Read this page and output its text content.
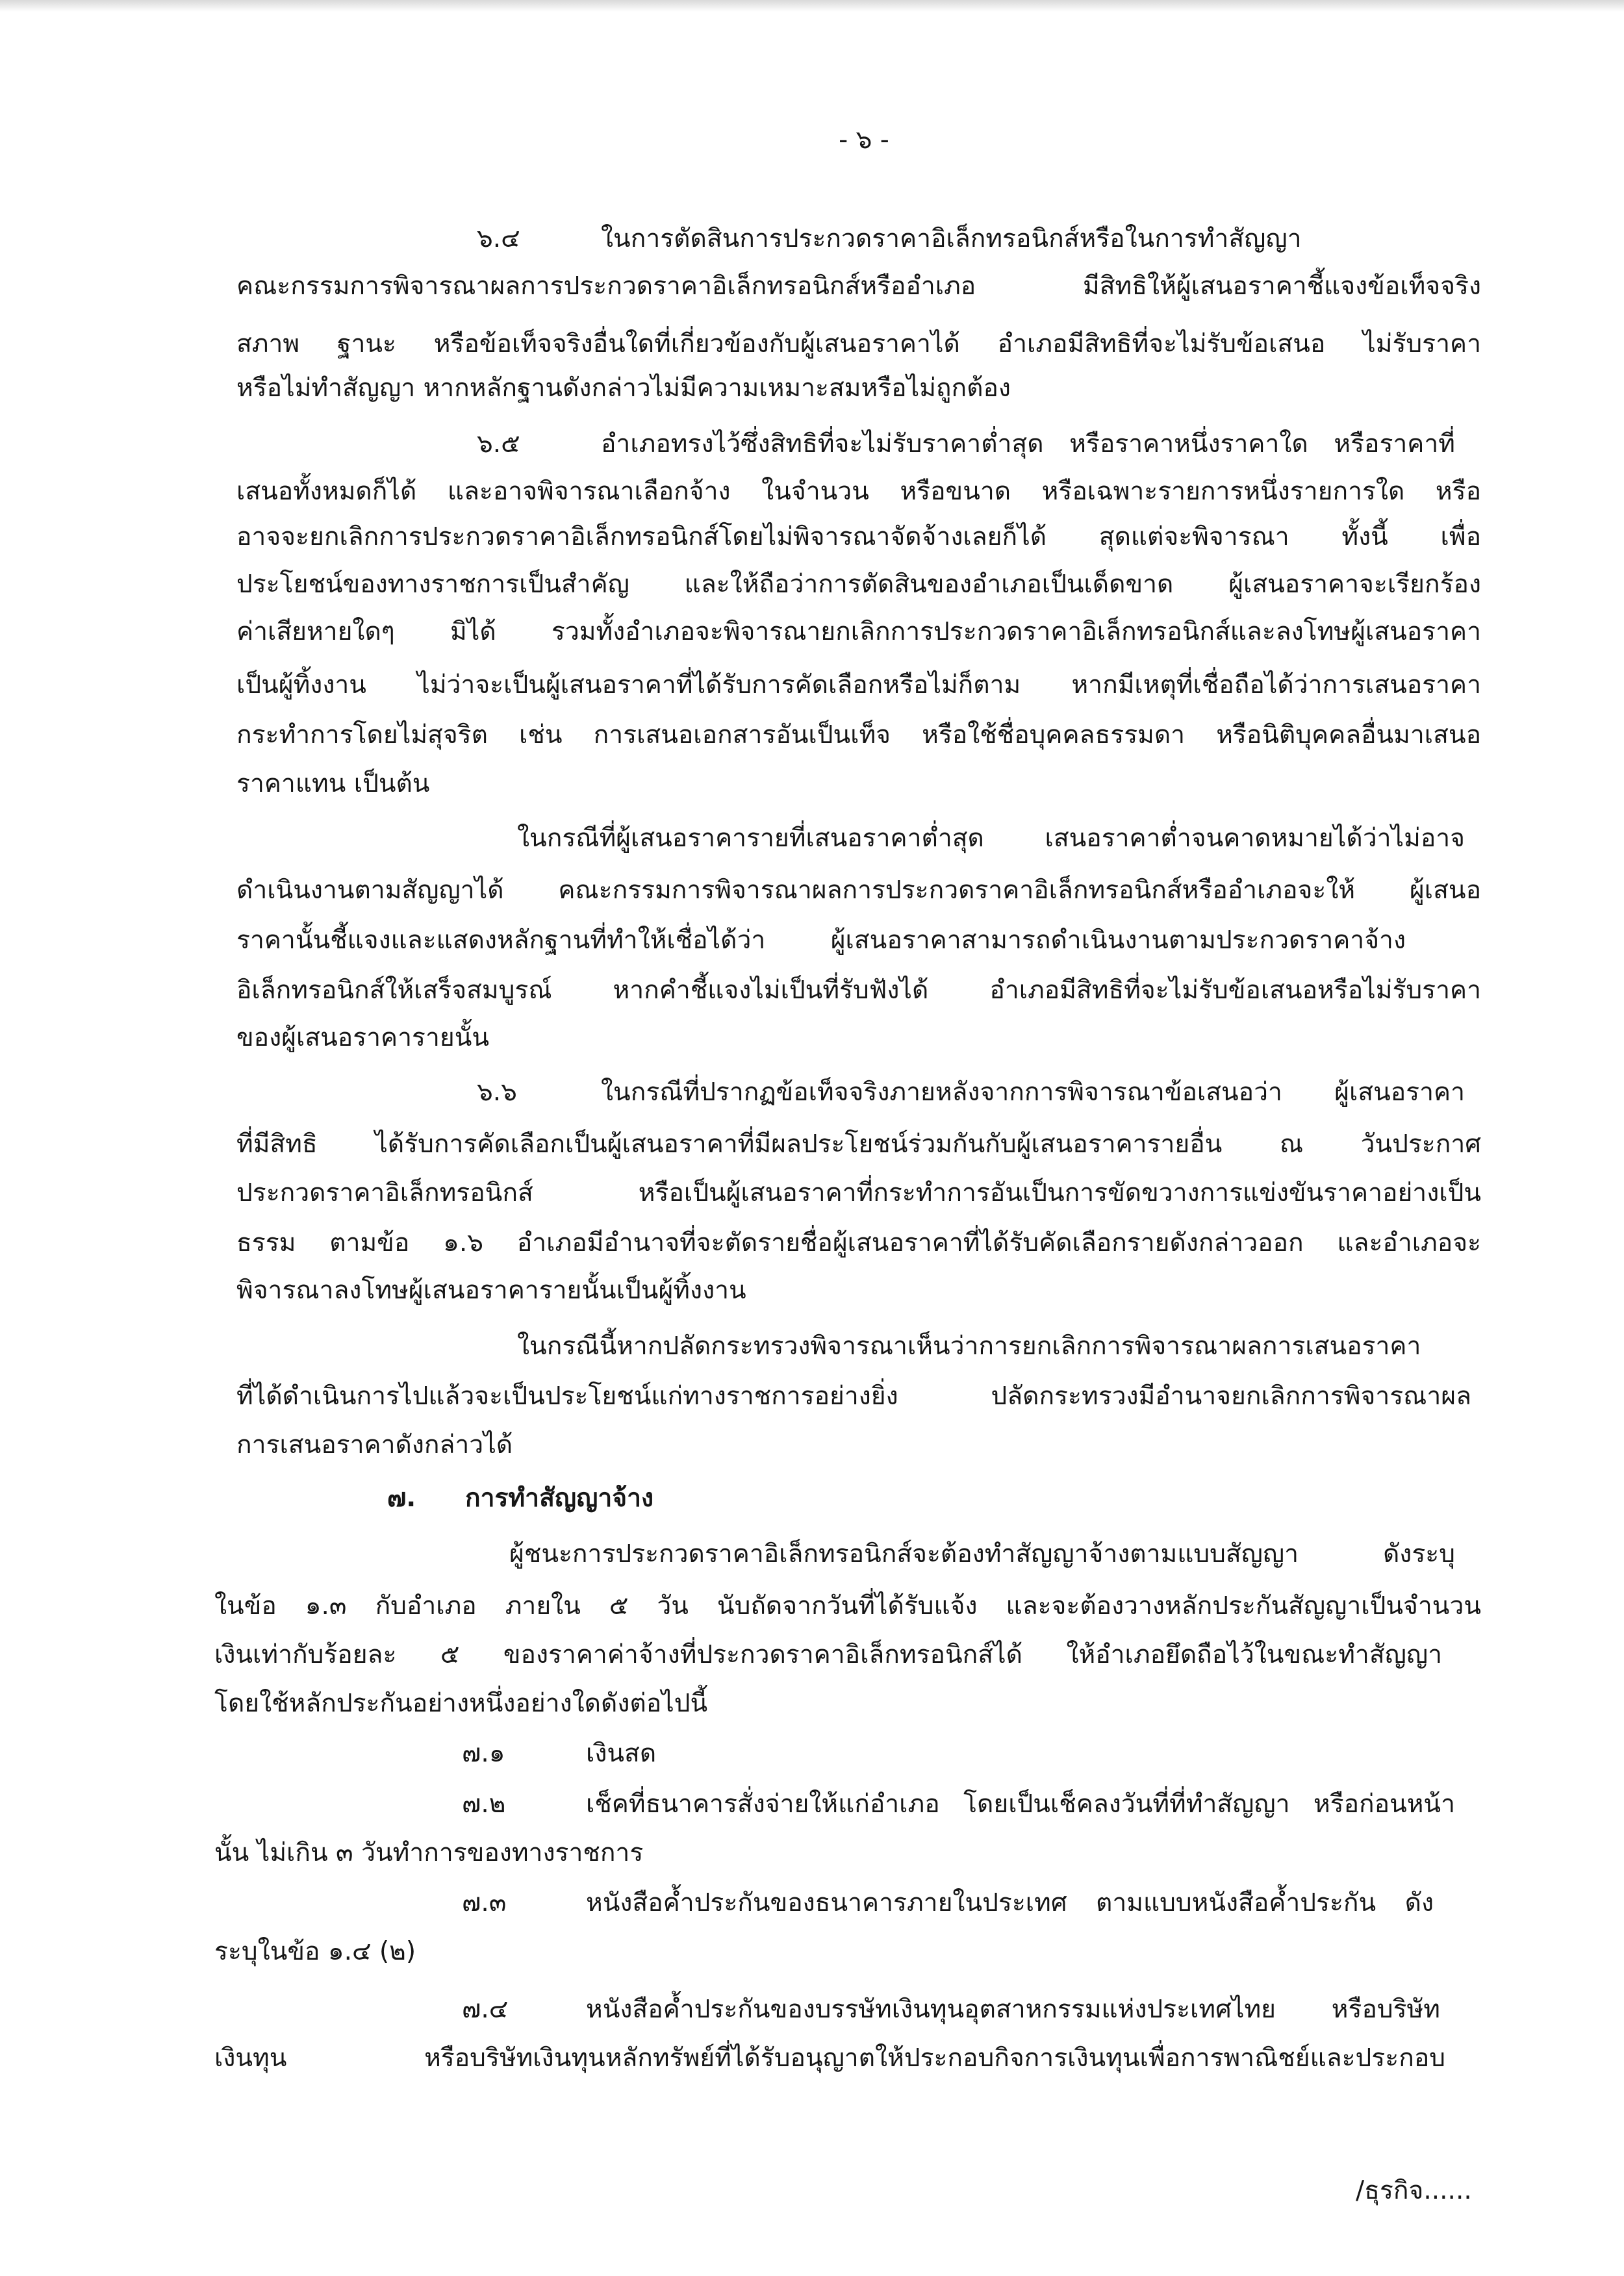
- ๖ -
๖.๔	ในการตัดสินการประกวดราคาอิเล็กทรอนิกส์หรือในการทำสัญญา
คณะกรรมการพิจารณาผลการประกวดราคาอิเล็กทรอนิกส์หรืออำเภอ มีสิทธิให้ผู้เสนอราคาชี้แจงข้อเท็จจริง
สภาพ ฐานะ หรือข้อเท็จจริงอื่นใดที่เกี่ยวข้องกับผู้เสนอราคาได้ อำเภอมีสิทธิที่จะไม่รับข้อเสนอ ไม่รับราคา
หรือไม่ทำสัญญา หากหลักฐานดังกล่าวไม่มีความเหมาะสมหรือไม่ถูกต้อง
๖.๕	อำเภอทรงไว้ซึ่งสิทธิที่จะไม่รับราคาต่ำสุด หรือราคาหนึ่งราคาใด หรือราคาที่
เสนอทั้งหมดก็ได้ และอาจพิจารณาเลือกจ้าง ในจำนวน หรือขนาด หรือเฉพาะรายการหนึ่งรายการใด หรือ
อาจจะยกเลิกการประกวดราคาอิเล็กทรอนิกส์โดยไม่พิจารณาจัดจ้างเลยก็ได้ สุดแต่จะพิจารณา ทั้งนี้ เพื่อ
ประโยชน์ของทางราชการเป็นสำคัญ และให้ถือว่าการตัดสินของอำเภอเป็นเด็ดขาด ผู้เสนอราคาจะเรียกร้อง
ค่าเสียหายใดๆ มิได้ รวมทั้งอำเภอจะพิจารณายกเลิกการประกวดราคาอิเล็กทรอนิกส์และลงโทษผู้เสนอราคา
เป็นผู้ทิ้งงาน ไม่ว่าจะเป็นผู้เสนอราคาที่ได้รับการคัดเลือกหรือไม่ก็ตาม หากมีเหตุที่เชื่อถือได้ว่าการเสนอราคา
กระทำการโดยไม่สุจริต เช่น การเสนอเอกสารอันเป็นเท็จ หรือใช้ชื่อบุคคลธรรมดา หรือนิติบุคคลอื่นมาเสนอ
ราคาแทน เป็นต้น
ในกรณีที่ผู้เสนอราคารายที่เสนอราคาต่ำสุด เสนอราคาต่ำจนคาดหมายได้ว่าไม่อาจ
ดำเนินงานตามสัญญาได้ คณะกรรมการพิจารณาผลการประกวดราคาอิเล็กทรอนิกส์หรืออำเภอจะให้ ผู้เสนอ
ราคานั้นชี้แจงและแสดงหลักฐานที่ทำให้เชื่อได้ว่า ผู้เสนอราคาสามารถดำเนินงานตามประกวดราคาจ้าง
อิเล็กทรอนิกส์ให้เสร็จสมบูรณ์ หากคำชี้แจงไม่เป็นที่รับฟังได้ อำเภอมีสิทธิที่จะไม่รับข้อเสนอหรือไม่รับราคา
ของผู้เสนอราคารายนั้น
๖.๖	ในกรณีที่ปรากฏข้อเท็จจริงภายหลังจากการพิจารณาข้อเสนอว่า ผู้เสนอราคา
ที่มีสิทธิ ได้รับการคัดเลือกเป็นผู้เสนอราคาที่มีผลประโยชน์ร่วมกันกับผู้เสนอราคารายอื่น ณ วันประกาศ
ประกวดราคาอิเล็กทรอนิกส์ หรือเป็นผู้เสนอราคาที่กระทำการอันเป็นการขัดขวางการแข่งขันราคาอย่างเป็น
ธรรม ตามข้อ ๑.๖ อำเภอมีอำนาจที่จะตัดรายชื่อผู้เสนอราคาที่ได้รับคัดเลือกรายดังกล่าวออก และอำเภอจะ
พิจารณาลงโทษผู้เสนอราคารายนั้นเป็นผู้ทิ้งงาน
ในกรณีนี้หากปลัดกระทรวงพิจารณาเห็นว่าการยกเลิกการพิจารณาผลการเสนอราคา
ที่ได้ดำเนินการไปแล้วจะเป็นประโยชน์แก่ทางราชการอย่างยิ่ง ปลัดกระทรวงมีอำนาจยกเลิกการพิจารณาผล
การเสนอราคาดังกล่าวได้
๗.	การทำสัญญาจ้าง
ผู้ชนะการประกวดราคาอิเล็กทรอนิกส์จะต้องทำสัญญาจ้างตามแบบสัญญา ดังระบุ
ในข้อ ๑.๓ กับอำเภอ ภายใน ๕ วัน นับถัดจากวันที่ได้รับแจ้ง และจะต้องวางหลักประกันสัญญาเป็นจำนวน
เงินเท่ากับร้อยละ ๕ ของราคาค่าจ้างที่ประกวดราคาอิเล็กทรอนิกส์ได้ ให้อำเภอยึดถือไว้ในขณะทำสัญญา
โดยใช้หลักประกันอย่างหนึ่งอย่างใดดังต่อไปนี้
๗.๑	เงินสด
๗.๒	เช็คที่ธนาคารสั่งจ่ายให้แก่อำเภอ โดยเป็นเช็คลงวันที่ที่ทำสัญญา หรือก่อนหน้า
นั้น ไม่เกิน ๓ วันทำการของทางราชการ
๗.๓	หนังสือค้ำประกันของธนาคารภายในประเทศ ตามแบบหนังสือค้ำประกัน ดัง
ระบุในข้อ ๑.๔ (๒)
๗.๔	หนังสือค้ำประกันของบรรษัทเงินทุนอุตสาหกรรมแห่งประเทศไทย หรือบริษัท
เงินทุน หรือบริษัทเงินทุนหลักทรัพย์ที่ได้รับอนุญาตให้ประกอบกิจการเงินทุนเพื่อการพาณิชย์และประกอบ
/ธุรกิจ......
